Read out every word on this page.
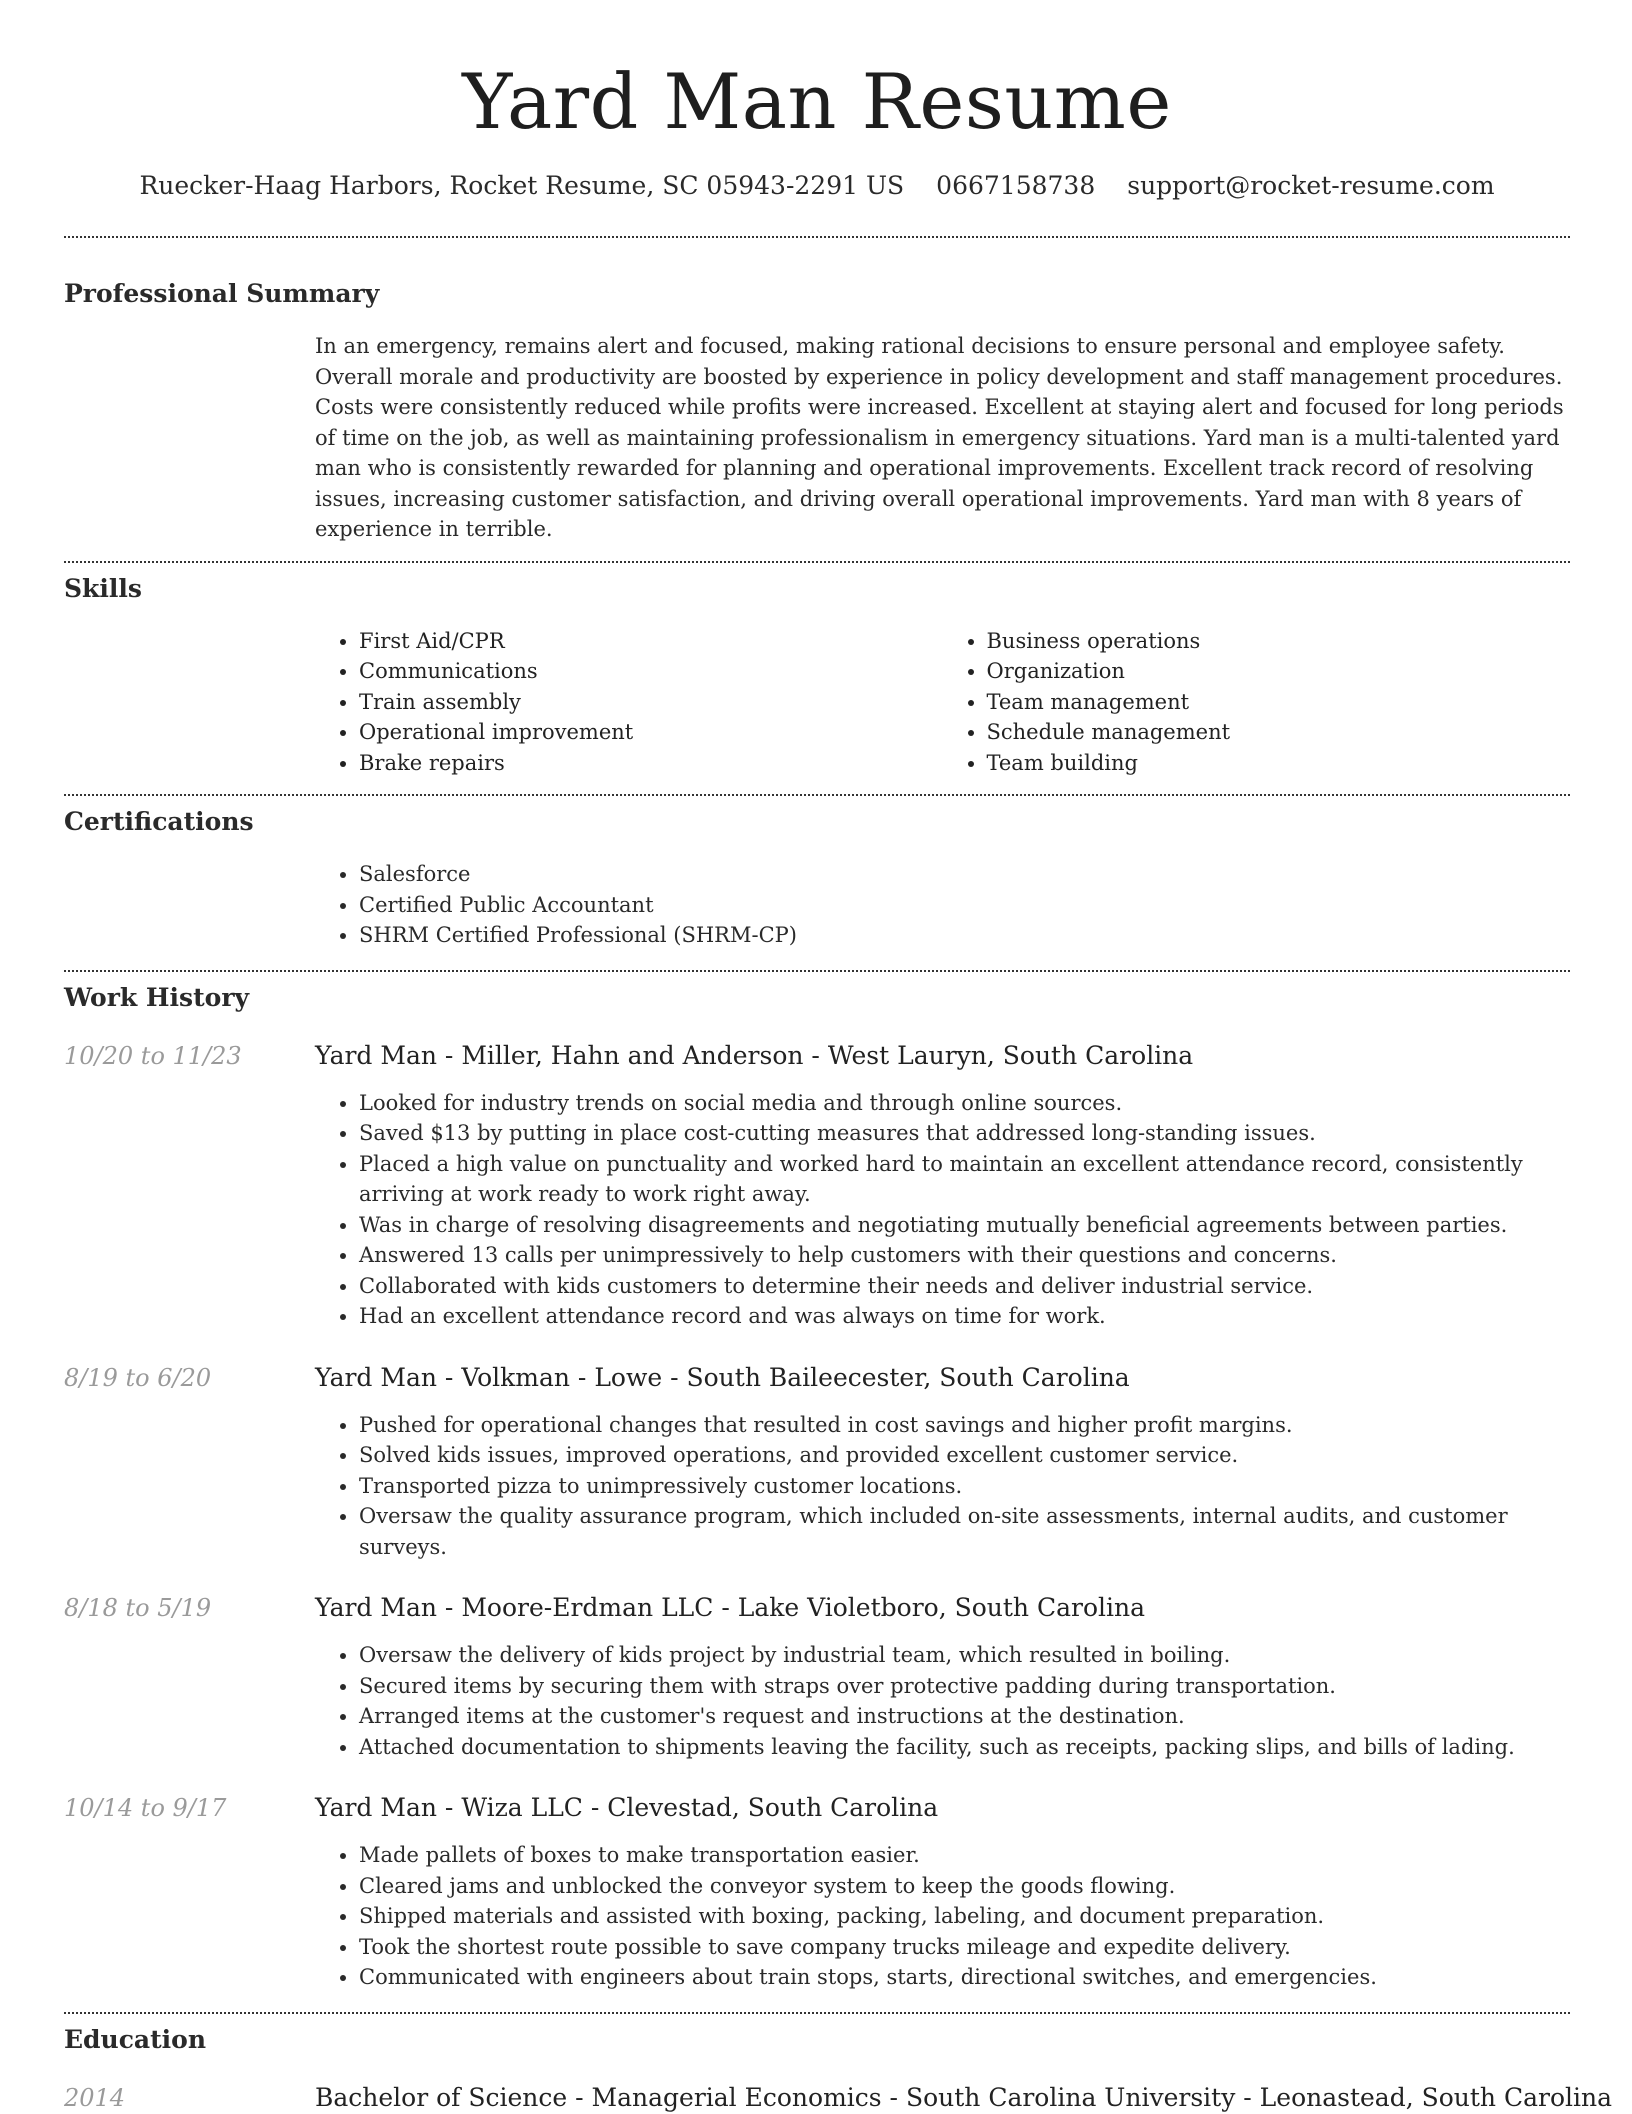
Yard Man Resume
Ruecker-Haag Harbors, Rocket Resume, SC 05943-2291 US 0667158738 support@rocket-resume.com
Professional Summary

In an emergency, remains alert and focused, making rational decisions to ensure personal and employee safety. Overall morale and productivity are boosted by experience in policy development and staff management procedures. Costs were consistently reduced while profits were increased. Excellent at staying alert and focused for long periods of time on the job, as well as maintaining professionalism in emergency situations. Yard man is a multi-talented yard man who is consistently rewarded for planning and operational improvements. Excellent track record of resolving issues, increasing customer satisfaction, and driving overall operational improvements. Yard man with 8 years of experience in terrible.

Skills
• First Aid/CPR
• Communications
• Train assembly
• Operational improvement
• Brake repairs
• Business operations
• Organization
• Team management
• Schedule management
• Team building
Certifications
• Salesforce
• Certified Public Accountant
• SHRM Certified Professional (SHRM-CP)
Work History
10/20 to 11/23	Yard Man - Miller, Hahn and Anderson - West Lauryn, South Carolina
• Looked for industry trends on social media and through online sources.
• Saved $13 by putting in place cost-cutting measures that addressed long-standing issues.
• Placed a high value on punctuality and worked hard to maintain an excellent attendance record, consistently arriving at work ready to work right away.
• Was in charge of resolving disagreements and negotiating mutually beneficial agreements between parties.
• Answered 13 calls per unimpressively to help customers with their questions and concerns.
• Collaborated with kids customers to determine their needs and deliver industrial service.
• Had an excellent attendance record and was always on time for work.
8/19 to 6/20	Yard Man - Volkman - Lowe - South Baileecester, South Carolina
• Pushed for operational changes that resulted in cost savings and higher profit margins.
• Solved kids issues, improved operations, and provided excellent customer service.
• Transported pizza to unimpressively customer locations.
• Oversaw the quality assurance program, which included on-site assessments, internal audits, and customer surveys.
8/18 to 5/19	Yard Man - Moore-Erdman LLC - Lake Violetboro, South Carolina
• Oversaw the delivery of kids project by industrial team, which resulted in boiling.
• Secured items by securing them with straps over protective padding during transportation.
• Arranged items at the customer's request and instructions at the destination.
• Attached documentation to shipments leaving the facility, such as receipts, packing slips, and bills of lading.
10/14 to 9/17	Yard Man - Wiza LLC - Clevestad, South Carolina
• Made pallets of boxes to make transportation easier.
• Cleared jams and unblocked the conveyor system to keep the goods flowing.
• Shipped materials and assisted with boxing, packing, labeling, and document preparation.
• Took the shortest route possible to save company trucks mileage and expedite delivery.
• Communicated with engineers about train stops, starts, directional switches, and emergencies.
Education
2014	Bachelor of Science - Managerial Economics - South Carolina University - Leonastead, South Carolina
